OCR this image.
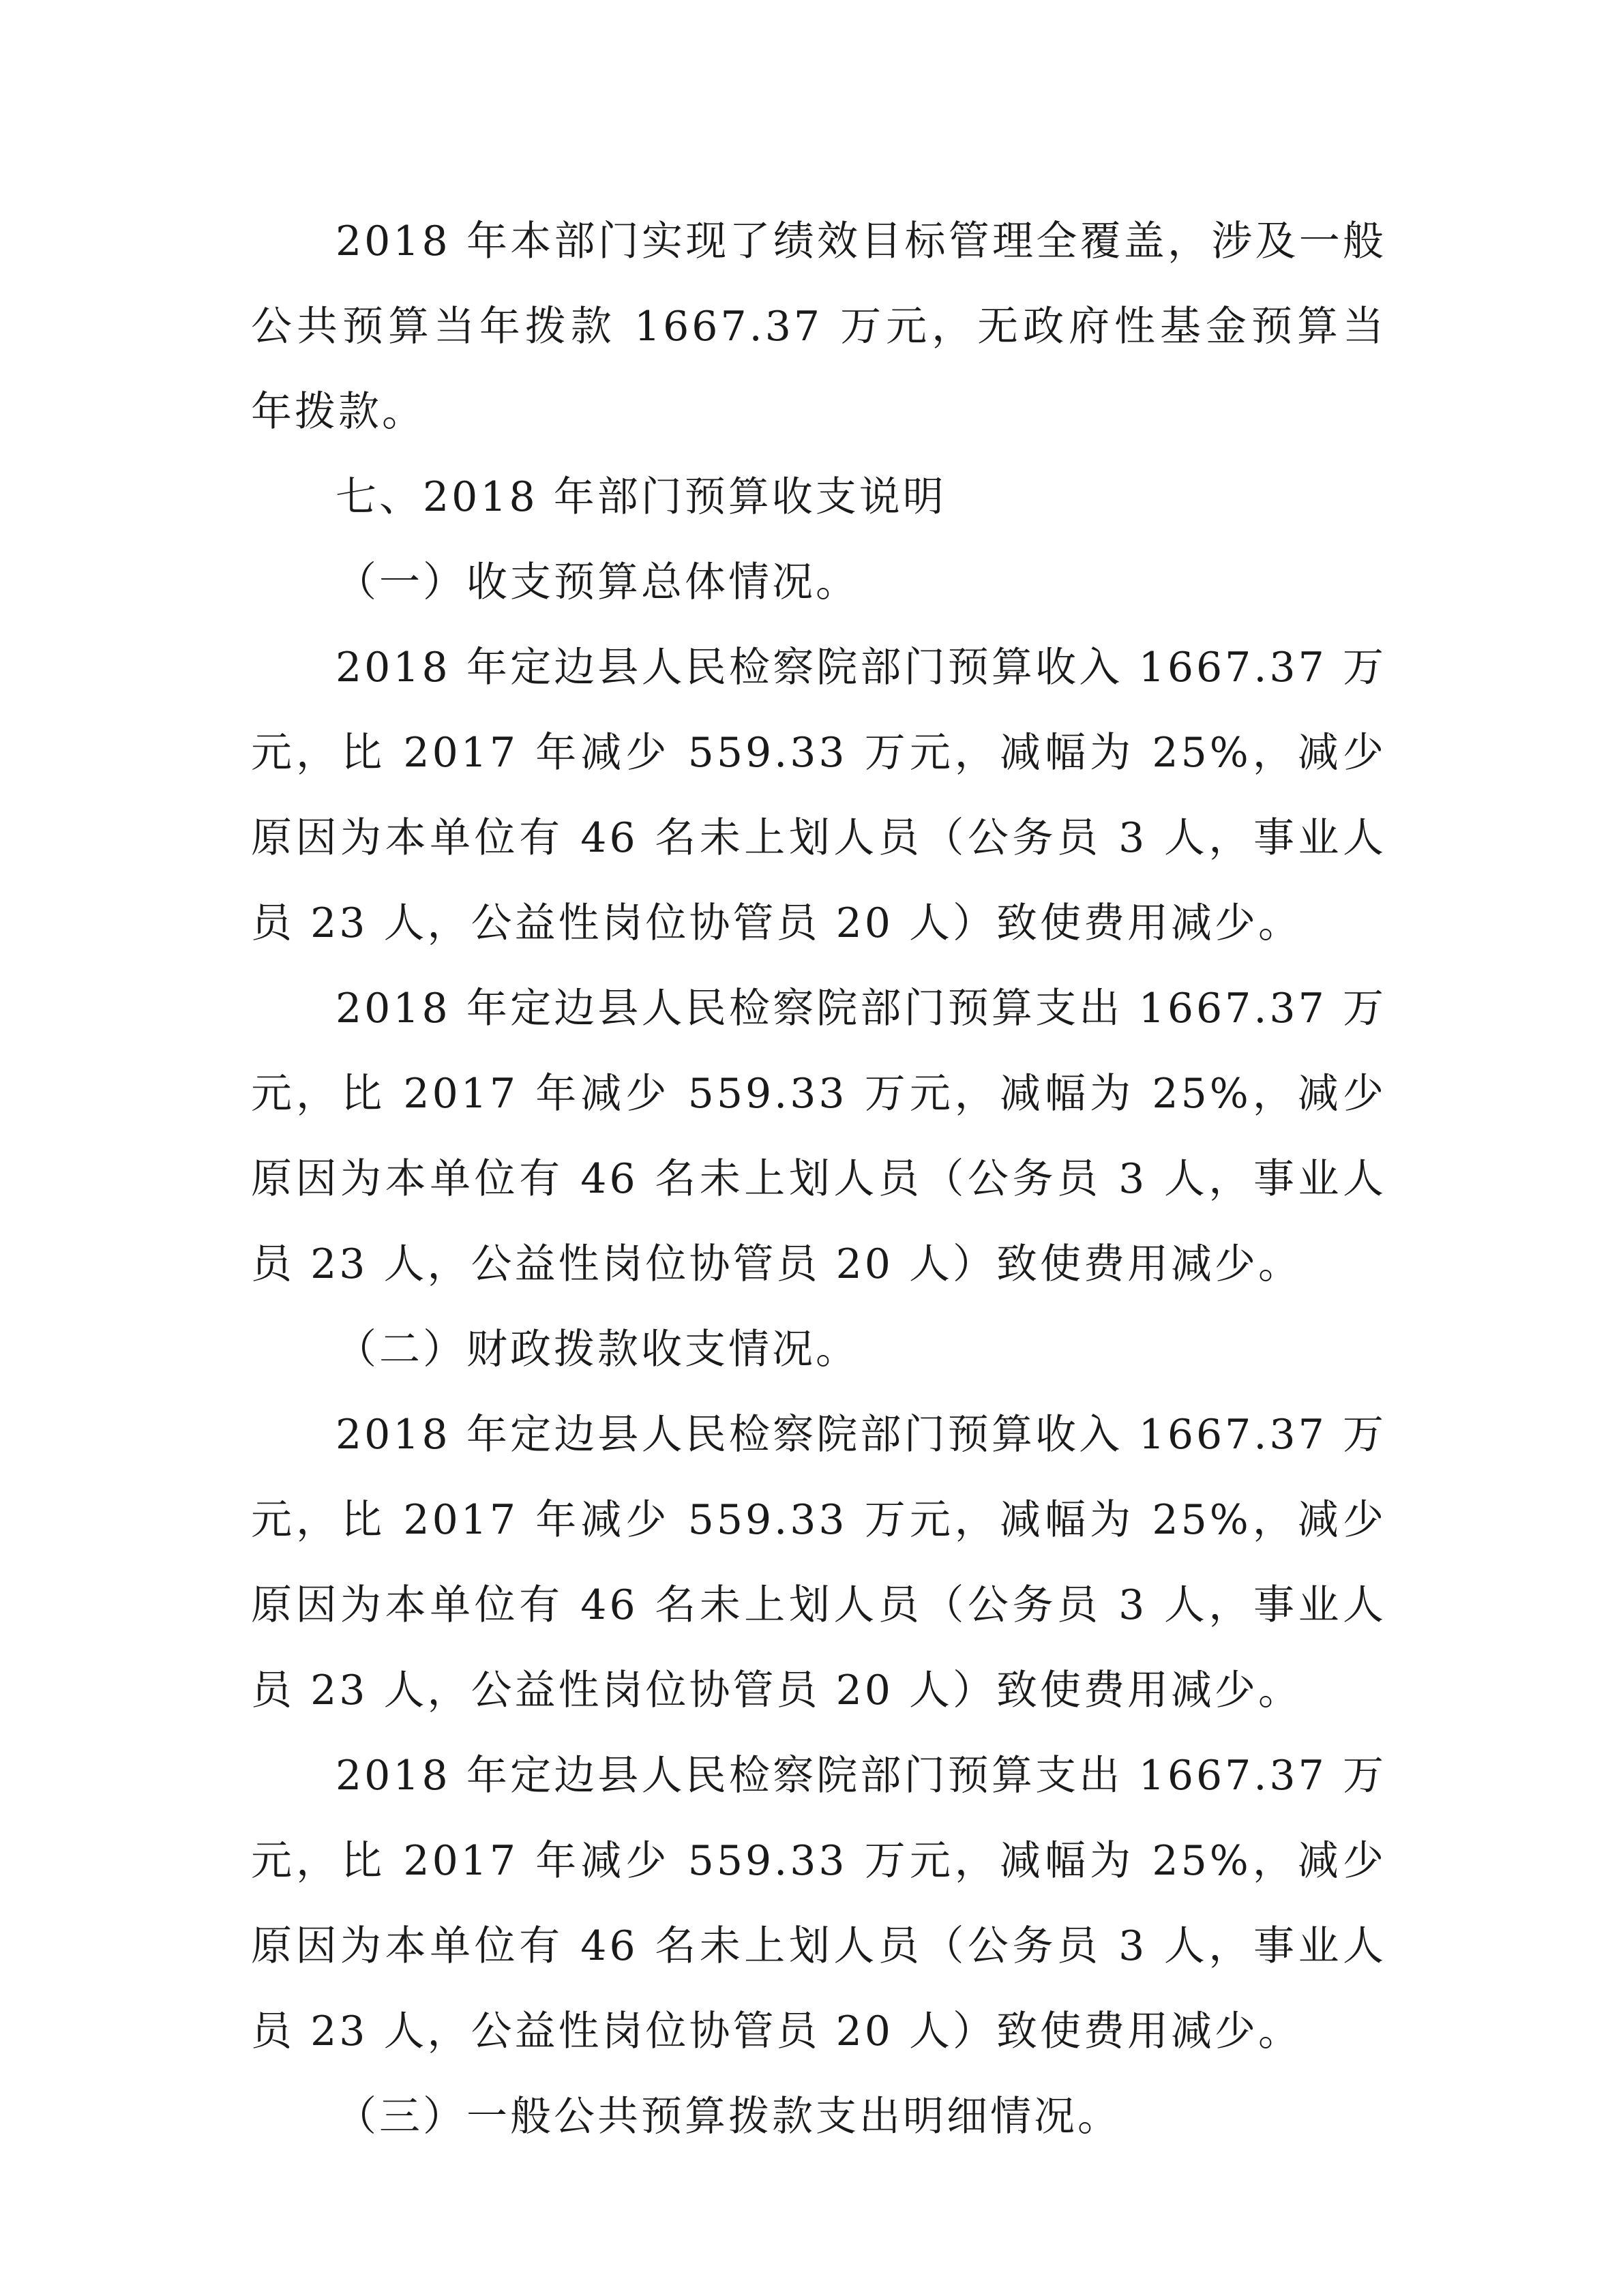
2018 年本部门实现了绩效目标管理全覆盖，涉及一般公共预算当年拨款 1667.37 万元，无政府性基金预算当年拨款。

七、2018 年部门预算收支说明

（一）收支预算总体情况。

2018 年定边县人民检察院部门预算收入 1667.37 万元，比 2017 年减少 559.33 万元，减幅为 25%，减少原因为本单位有 46 名未上划人员（公务员 3 人，事业人员 23 人，公益性岗位协管员 20 人）致使费用减少。

2018 年定边县人民检察院部门预算支出 1667.37 万元，比 2017 年减少 559.33 万元，减幅为 25%，减少原因为本单位有 46 名未上划人员（公务员 3 人，事业人员 23 人，公益性岗位协管员 20 人）致使费用减少。

（二）财政拨款收支情况。

2018 年定边县人民检察院部门预算收入 1667.37 万元，比 2017 年减少 559.33 万元，减幅为 25%，减少原因为本单位有 46 名未上划人员（公务员 3 人，事业人员 23 人，公益性岗位协管员 20 人）致使费用减少。

2018 年定边县人民检察院部门预算支出 1667.37 万元，比 2017 年减少 559.33 万元，减幅为 25%，减少原因为本单位有 46 名未上划人员（公务员 3 人，事业人员 23 人，公益性岗位协管员 20 人）致使费用减少。

（三）一般公共预算拨款支出明细情况。
